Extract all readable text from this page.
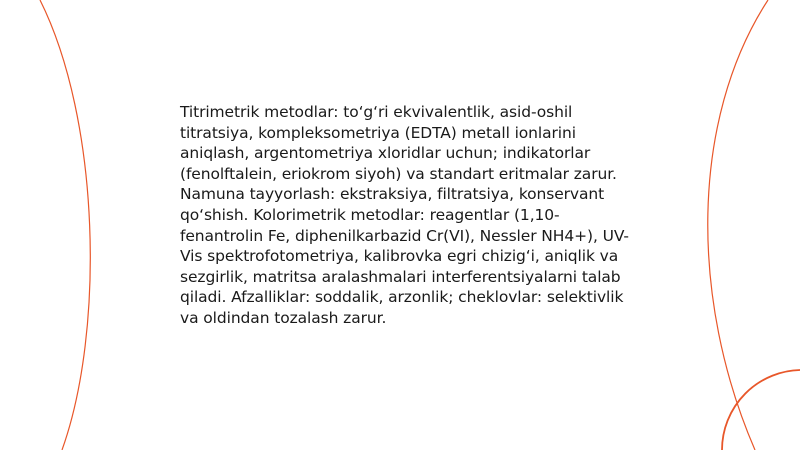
Titrimetrik metodlar: to‘g‘ri ekvivalentlik, asid-oshil titratsiya, kompleksometriya (EDTA) metall ionlarini aniqlash, argentometriya xloridlar uchun; indikatorlar (fenolftalein, eriokrom siyoh) va standart eritmalar zarur. Namuna tayyorlash: ekstraksiya, filtratsiya, konservant qo‘shish. Kolorimetrik metodlar: reagentlar (1,10-fenantrolin Fe, diphenilkarbazid Cr(VI), Nessler NH4+), UV-Vis spektrofotometriya, kalibrovka egri chizig‘i, aniqlik va sezgirlik, matritsa aralashmalari interferentsiyalarni talab qiladi. Afzalliklar: soddalik, arzonlik; cheklovlar: selektivlik va oldindan tozalash zarur.
